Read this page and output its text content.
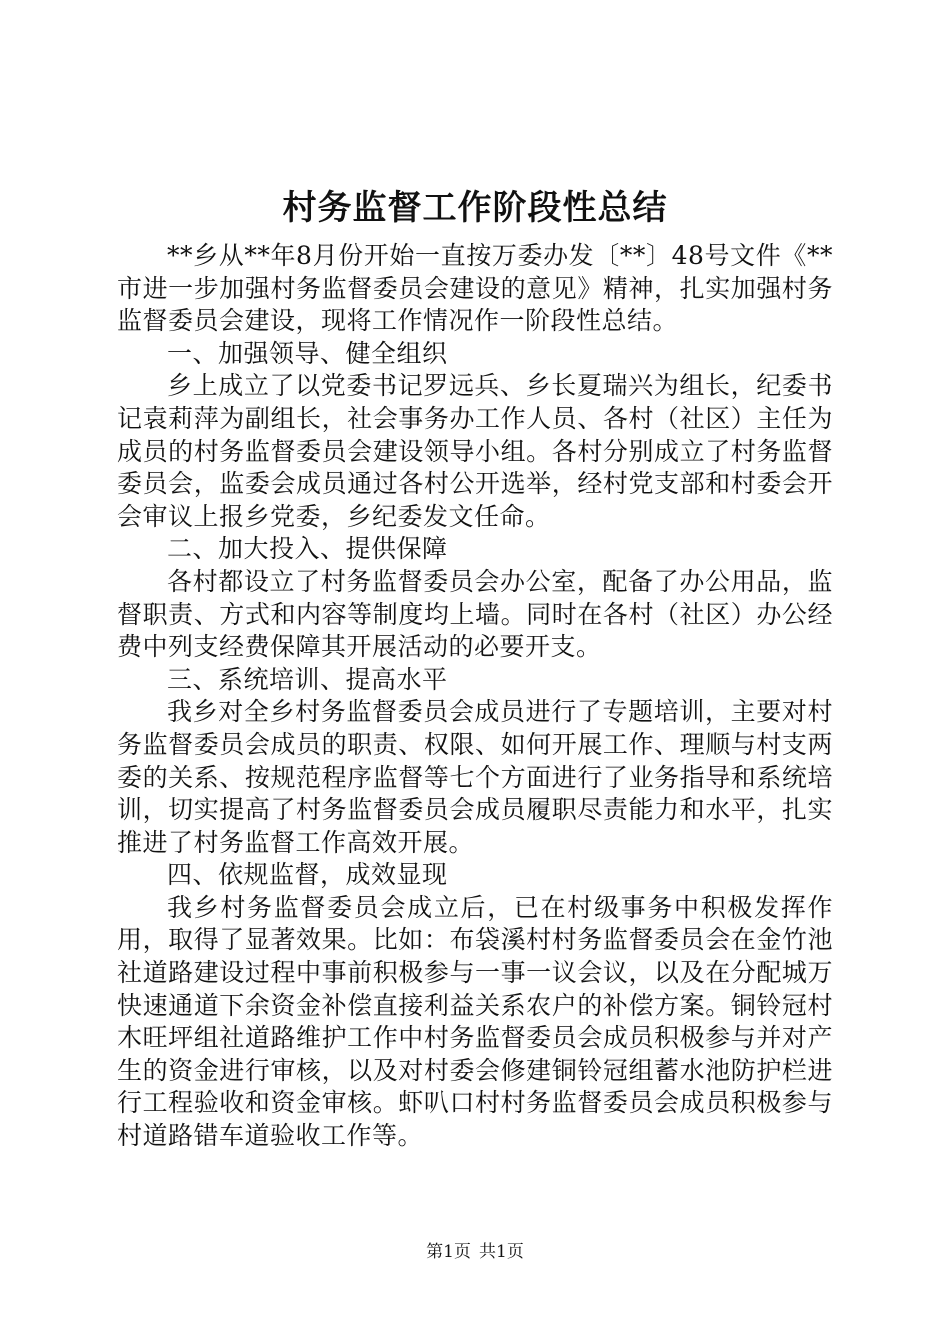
村务监督工作阶段性总结

**乡从**年8月份开始一直按万委办发〔**〕48号文件《**市进一步加强村务监督委员会建设的意见》精神，扎实加强村务监督委员会建设，现将工作情况作一阶段性总结。

一、加强领导、健全组织

乡上成立了以党委书记罗远兵、乡长夏瑞兴为组长，纪委书记袁莉萍为副组长，社会事务办工作人员、各村（社区）主任为成员的村务监督委员会建设领导小组。各村分别成立了村务监督委员会，监委会成员通过各村公开选举，经村党支部和村委会开会审议上报乡党委，乡纪委发文任命。

二、加大投入、提供保障

各村都设立了村务监督委员会办公室，配备了办公用品，监督职责、方式和内容等制度均上墙。同时在各村（社区）办公经费中列支经费保障其开展活动的必要开支。

三、系统培训、提高水平

我乡对全乡村务监督委员会成员进行了专题培训，主要对村务监督委员会成员的职责、权限、如何开展工作、理顺与村支两委的关系、按规范程序监督等七个方面进行了业务指导和系统培训，切实提高了村务监督委员会成员履职尽责能力和水平，扎实推进了村务监督工作高效开展。

四、依规监督，成效显现

我乡村务监督委员会成立后，已在村级事务中积极发挥作用，取得了显著效果。比如：布袋溪村村务监督委员会在金竹池社道路建设过程中事前积极参与一事一议会议，以及在分配城万快速通道下余资金补偿直接利益关系农户的补偿方案。铜铃冠村木旺坪组社道路维护工作中村务监督委员会成员积极参与并对产生的资金进行审核，以及对村委会修建铜铃冠组蓄水池防护栏进行工程验收和资金审核。虾叭口村村务监督委员会成员积极参与村道路错车道验收工作等。

第1页 共1页
